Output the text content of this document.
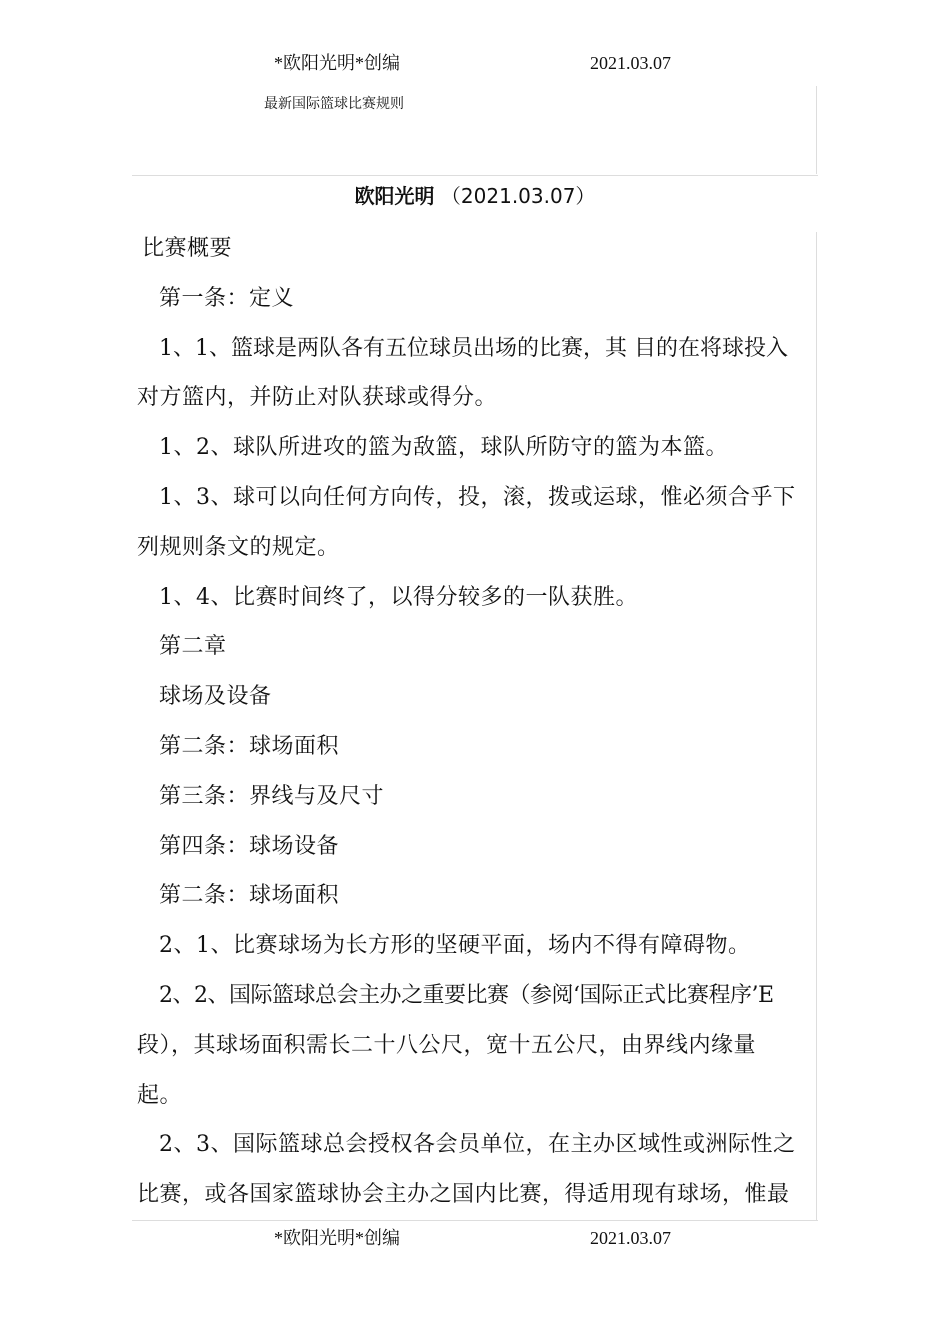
*欧阳光明*创编	2021.03.07
最新国际篮球比赛规则
欧阳光明 （2021.03.07）

比赛概要

第一条：定义

1、1、篮球是两队各有五位球员出场的比赛，其 目的在将球投入

对方篮内，并防止对队获球或得分。

1、2、球队所进攻的篮为敌篮，球队所防守的篮为本篮。

1、3、球可以向任何方向传，投，滚，拨或运球，惟必须合乎下

列规则条文的规定。

1、4、比赛时间终了，以得分较多的一队获胜。

第二章

球场及设备

第二条：球场面积

第三条：界线与及尺寸

第四条：球场设备

第二条：球场面积

2、1、比赛球场为长方形的坚硬平面，场内不得有障碍物。

2、2、国际篮球总会主办之重要比赛（参阅‘国际正式比赛程序’E

段），其球场面积需长二十八公尺，宽十五公尺，由界线内缘量

起。

2、3、国际篮球总会授权各会员单位，在主办区域性或洲际性之

比赛，或各国家篮球协会主办之国内比赛，得适用现有球场，惟最

*欧阳光明*创编	2021.03.07
